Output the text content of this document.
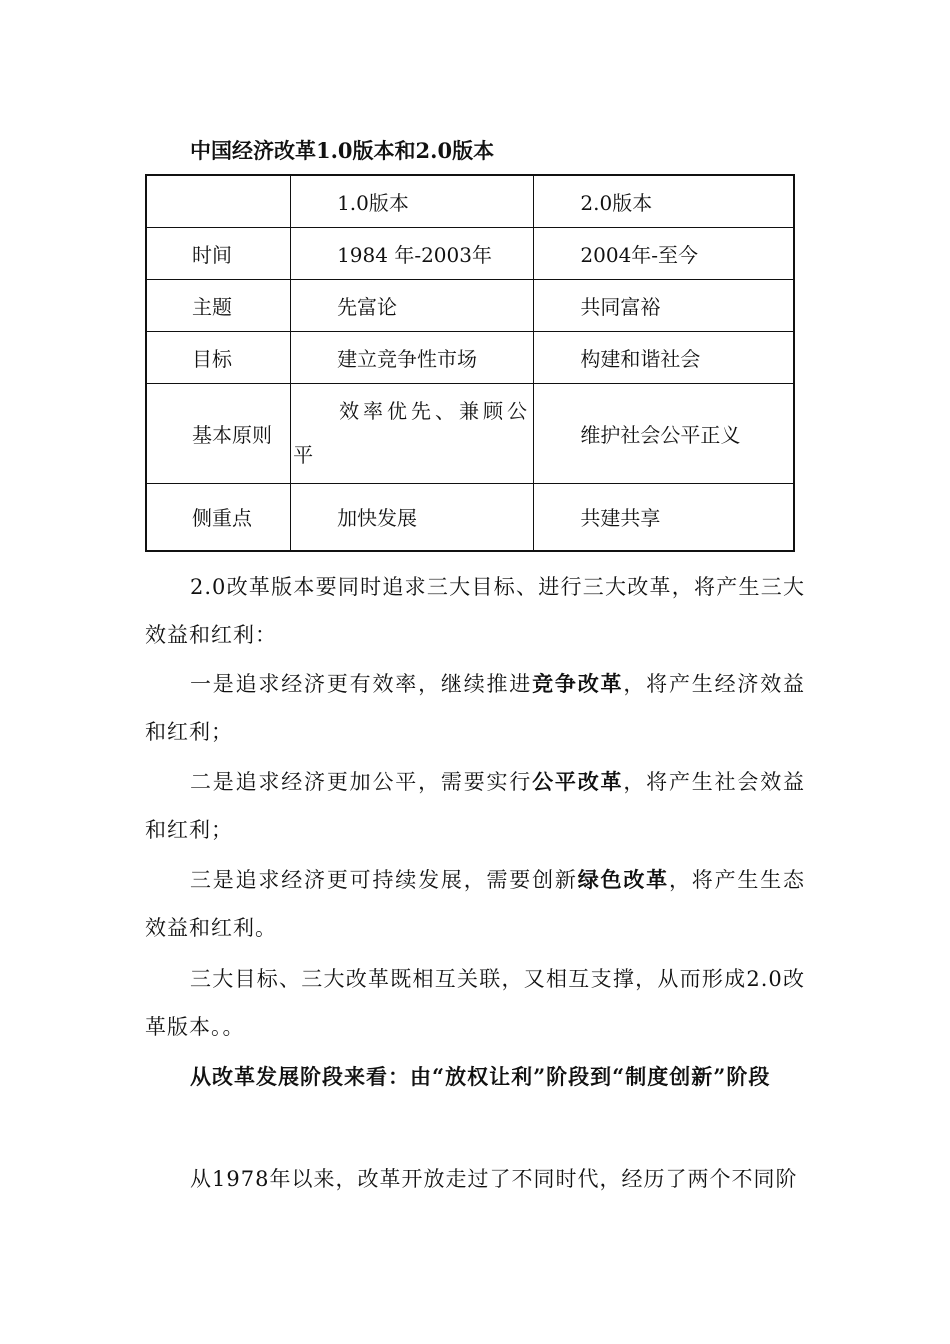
中国经济改革1.0版本和2.0版本
	1.0版本	2.0版本
时间	1984 年-2003年	2004年-至今
主题	先富论	共同富裕
目标	建立竞争性市场	构建和谐社会
基本原则	效率优先、兼顾公平	维护社会公平正义
侧重点	加快发展	共建共享
2.0改革版本要同时追求三大目标、进行三大改革，将产生三大效益和红利：
一是追求经济更有效率，继续推进竞争改革，将产生经济效益和红利；
二是追求经济更加公平，需要实行公平改革，将产生社会效益和红利；
三是追求经济更可持续发展，需要创新绿色改革，将产生生态效益和红利。
三大目标、三大改革既相互关联，又相互支撑，从而形成2.0改革版本。。
从改革发展阶段来看：由“放权让利”阶段到“制度创新”阶段
从1978年以来，改革开放走过了不同时代，经历了两个不同阶
